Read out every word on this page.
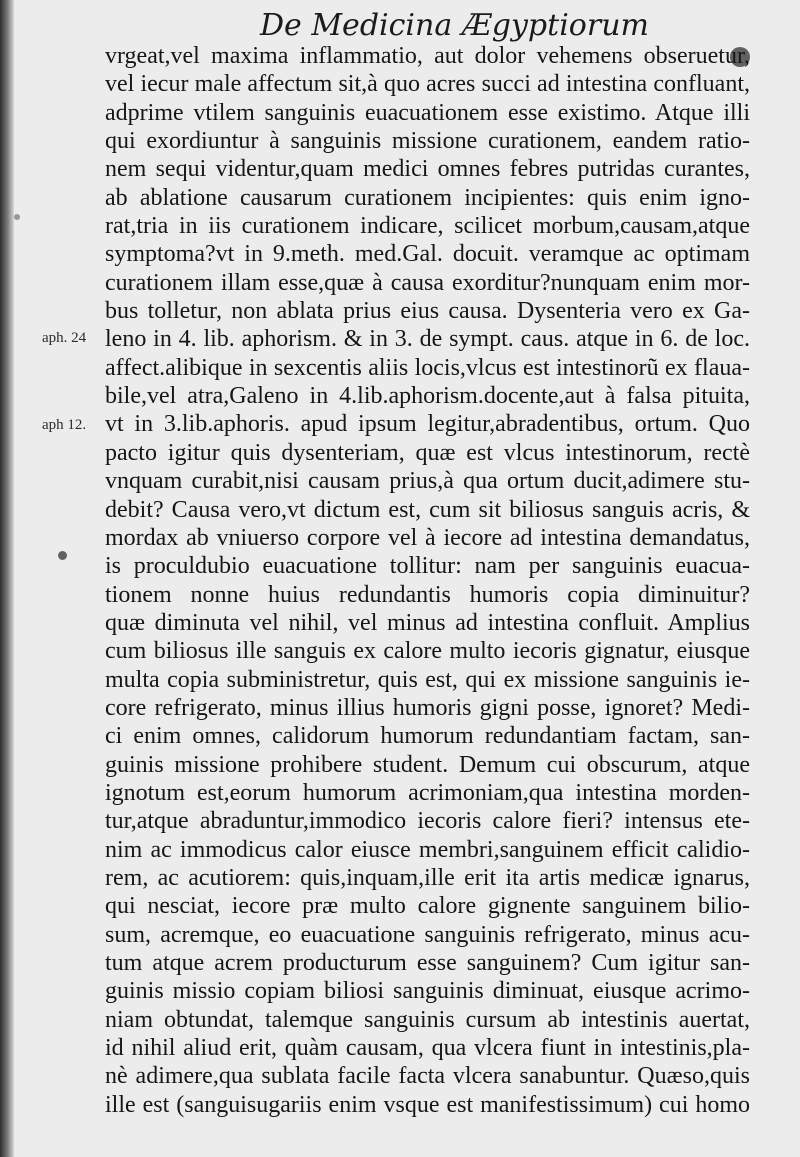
De Medicina Ægyptiorum
aph. 24
aph 12.
vrgeat,vel maxima inflammatio, aut dolor vehemens obseruetur,
vel iecur male affectum sit,à quo acres succi ad intestina confluant,
adprime vtilem sanguinis euacuationem esse existimo. Atque illi
qui exordiuntur à sanguinis missione curationem, eandem ratio-
nem sequi videntur,quam medici omnes febres putridas curantes,
ab ablatione causarum curationem incipientes: quis enim igno-
rat,tria in iis curationem indicare, scilicet morbum,causam,atque
symptoma?vt in 9.meth. med.Gal. docuit. veramque ac optimam
curationem illam esse,quæ à causa exorditur?nunquam enim mor-
bus tolletur, non ablata prius eius causa. Dysenteria vero ex Ga-
leno in 4. lib. aphorism. & in 3. de sympt. caus. atque in 6. de loc.
affect.alibique in sexcentis aliis locis,vlcus est intestinorũ ex flaua-
bile,vel atra,Galeno in 4.lib.aphorism.docente,aut à falsa pituita,
vt in 3.lib.aphoris. apud ipsum legitur,abradentibus, ortum. Quo
pacto igitur quis dysenteriam, quæ est vlcus intestinorum, rectè
vnquam curabit,nisi causam prius,à qua ortum ducit,adimere stu-
debit? Causa vero,vt dictum est, cum sit biliosus sanguis acris, &
mordax ab vniuerso corpore vel à iecore ad intestina demandatus,
is proculdubio euacuatione tollitur: nam per sanguinis euacua-
tionem nonne huius redundantis humoris copia diminuitur?
quæ diminuta vel nihil, vel minus ad intestina confluit. Amplius
cum biliosus ille sanguis ex calore multo iecoris gignatur, eiusque
multa copia subministretur, quis est, qui ex missione sanguinis ie-
core refrigerato, minus illius humoris gigni posse, ignoret? Medi-
ci enim omnes, calidorum humorum redundantiam factam, san-
guinis missione prohibere student. Demum cui obscurum, atque
ignotum est,eorum humorum acrimoniam,qua intestina morden-
tur,atque abraduntur,immodico iecoris calore fieri? intensus ete-
nim ac immodicus calor eiusce membri,sanguinem efficit calidio-
rem, ac acutiorem: quis,inquam,ille erit ita artis medicæ ignarus,
qui nesciat, iecore præ multo calore gignente sanguinem bilio-
sum, acremque, eo euacuatione sanguinis refrigerato, minus acu-
tum atque acrem producturum esse sanguinem? Cum igitur san-
guinis missio copiam biliosi sanguinis diminuat, eiusque acrimo-
niam obtundat, talemque sanguinis cursum ab intestinis auertat,
id nihil aliud erit, quàm causam, qua vlcera fiunt in intestinis,pla-
nè adimere,qua sublata facile facta vlcera sanabuntur. Quæso,quis
ille est (sanguisugariis enim vsque est manifestissimum) cui homo
